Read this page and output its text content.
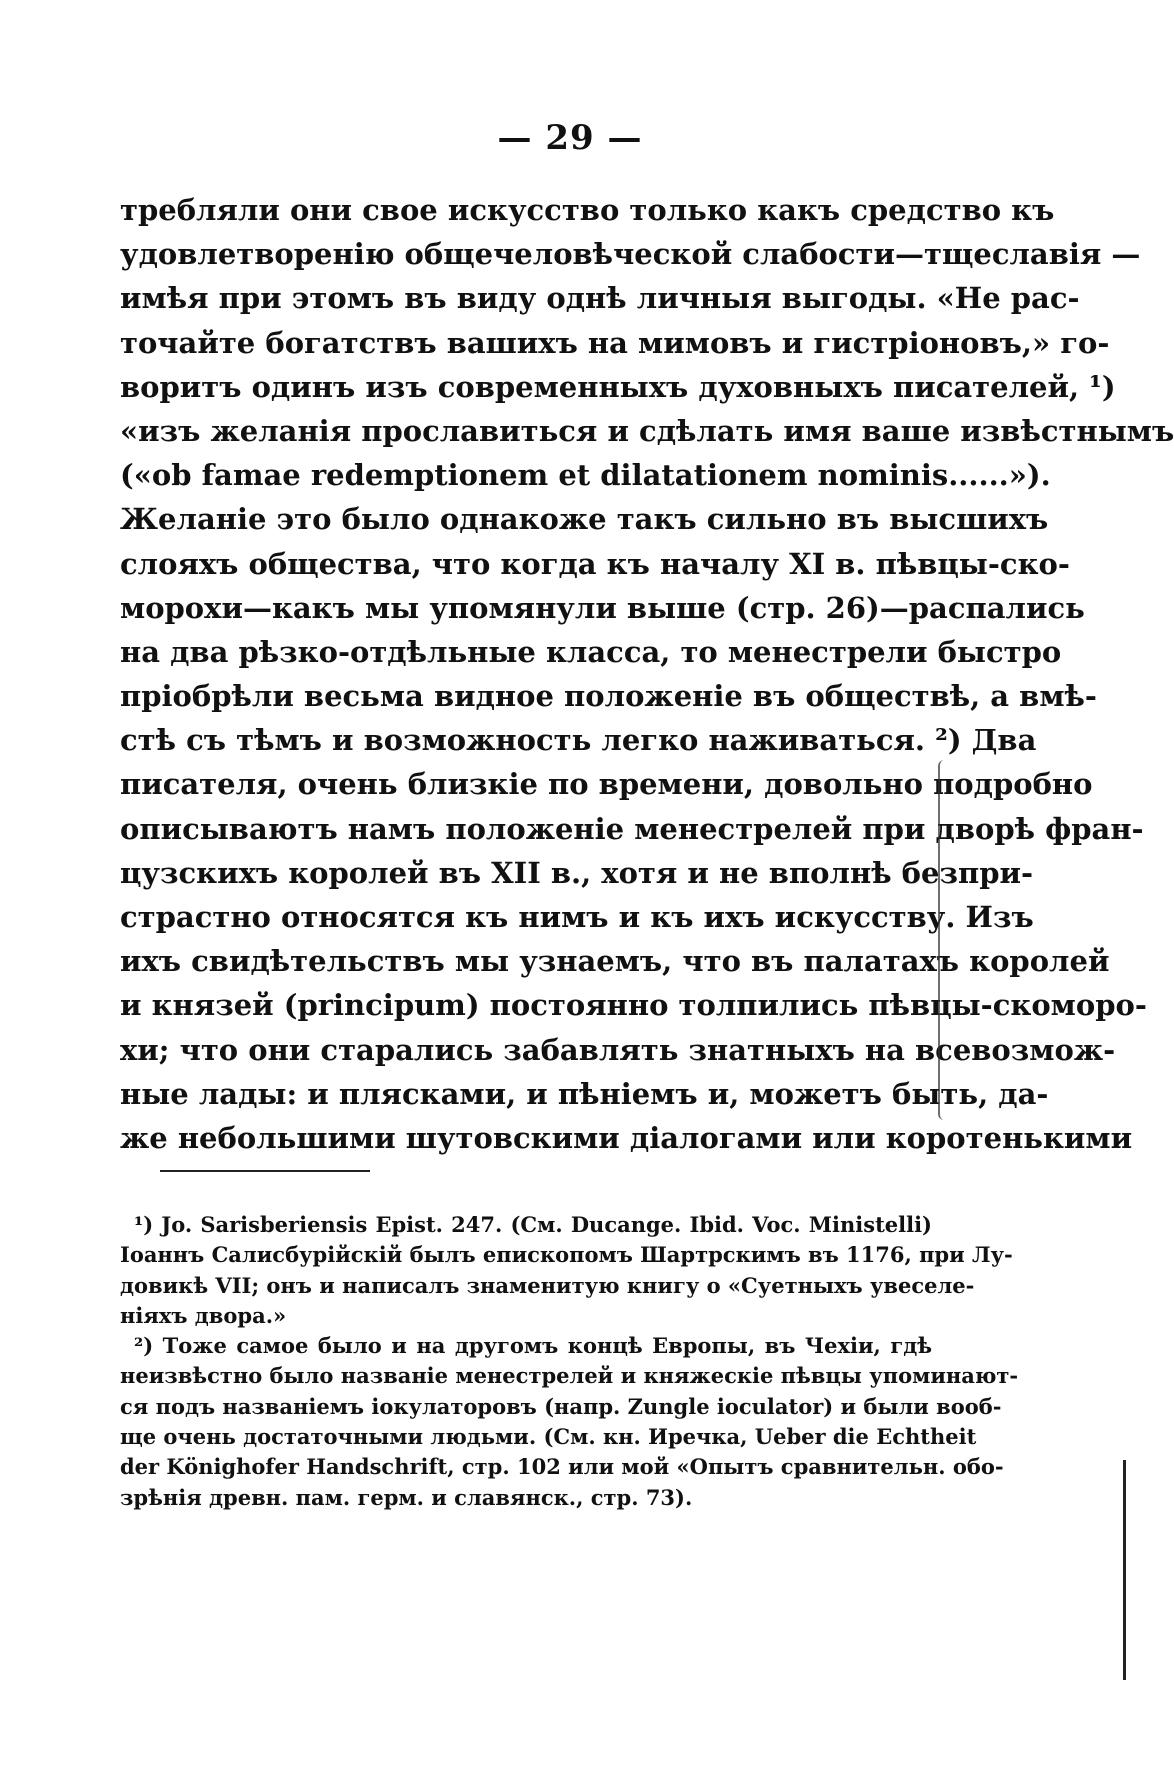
— 29 —
требляли они свое искусство только какъ средство къ
удовлетворенію общечеловѣческой слабости—тщеславія —
имѣя при этомъ въ виду однѣ личныя выгоды. «Не рас-
точайте богатствъ вашихъ на мимовъ и гистріоновъ,» го-
воритъ одинъ изъ современныхъ духовныхъ писателей, ¹)
«изъ желанія прославиться и сдѣлать имя ваше извѣстнымъ
(«ob famae redemptionem et dilatationem nominis......»).
Желаніе это было однакоже такъ сильно въ высшихъ
слояхъ общества, что когда къ началу XI в. пѣвцы-ско-
морохи—какъ мы упомянули выше (стр. 26)—распались
на два рѣзко-отдѣльные класса, то менестрели быстро
пріобрѣли весьма видное положеніе въ обществѣ, а вмѣ-
стѣ съ тѣмъ и возможность легко наживаться. ²) Два
писателя, очень близкіе по времени, довольно подробно
описываютъ намъ положеніе менестрелей при дворѣ фран-
цузскихъ королей въ XII в., хотя и не вполнѣ безпри-
страстно относятся къ нимъ и къ ихъ искусству. Изъ
ихъ свидѣтельствъ мы узнаемъ, что въ палатахъ королей
и князей (principum) постоянно толпились пѣвцы-скоморо-
хи; что они старались забавлять знатныхъ на всевозмож-
ные лады: и плясками, и пѣніемъ и, можетъ быть, да-
же небольшими шутовскими діалогами или коротенькими
¹) Jo. Sarisberiensis Epist. 247. (См. Ducange. Ibid. Voc. Ministelli)
Іоаннъ Салисбурійскій былъ епископомъ Шартрскимъ въ 1176, при Лу-
довикѣ VII; онъ и написалъ знаменитую книгу о «Суетныхъ увеселе-
ніяхъ двора.»
²) Тоже самое было и на другомъ концѣ Европы, въ Чехіи, гдѣ
неизвѣстно было названіе менестрелей и княжескіе пѣвцы упоминают-
ся подъ названіемъ іокулаторовъ (напр. Zungle ioculator) и были вооб-
ще очень достаточными людьми. (См. кн. Иречка, Ueber die Echtheit
der Könighofer Handschrift, стр. 102 или мой «Опытъ сравнительн. обо-
зрѣнія древн. пам. герм. и славянск., стр. 73).
